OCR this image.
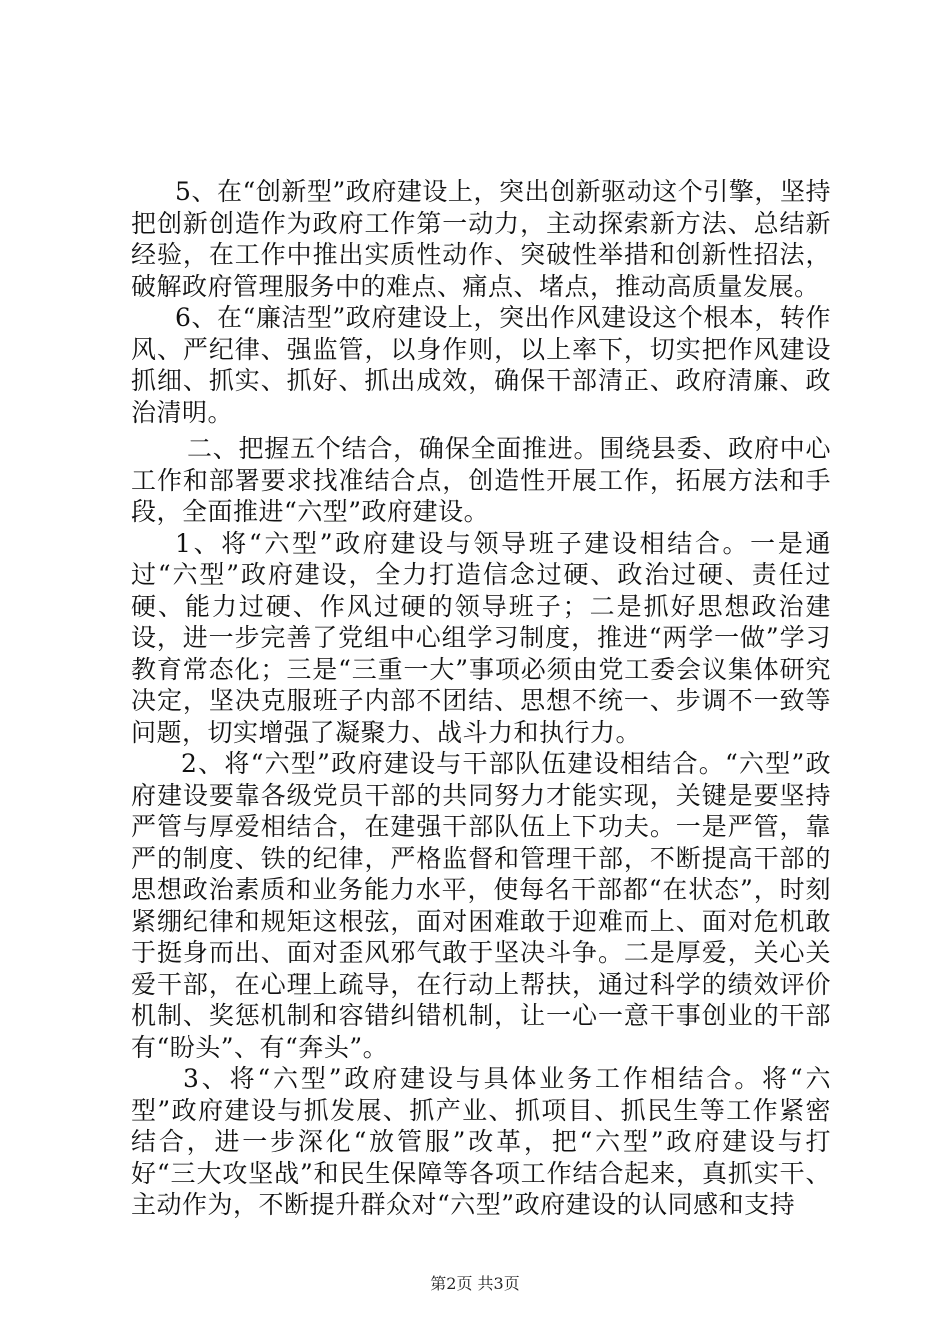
5、在“创新型”政府建设上，突出创新驱动这个引擎，坚持把创新创造作为政府工作第一动力，主动探索新方法、总结新经验，在工作中推出实质性动作、突破性举措和创新性招法，破解政府管理服务中的难点、痛点、堵点，推动高质量发展。

6、在“廉洁型”政府建设上，突出作风建设这个根本，转作风、严纪律、强监管，以身作则，以上率下，切实把作风建设抓细、抓实、抓好、抓出成效，确保干部清正、政府清廉、政治清明。

二、把握五个结合，确保全面推进。围绕县委、政府中心工作和部署要求找准结合点，创造性开展工作，拓展方法和手段，全面推进“六型”政府建设。

1、将“六型”政府建设与领导班子建设相结合。一是通过“六型”政府建设，全力打造信念过硬、政治过硬、责任过硬、能力过硬、作风过硬的领导班子；二是抓好思想政治建设，进一步完善了党组中心组学习制度，推进“两学一做”学习教育常态化；三是“三重一大”事项必须由党工委会议集体研究决定，坚决克服班子内部不团结、思想不统一、步调不一致等问题，切实增强了凝聚力、战斗力和执行力。

2、将“六型”政府建设与干部队伍建设相结合。“六型”政府建设要靠各级党员干部的共同努力才能实现，关键是要坚持严管与厚爱相结合，在建强干部队伍上下功夫。一是严管，靠严的制度、铁的纪律，严格监督和管理干部，不断提高干部的思想政治素质和业务能力水平，使每名干部都“在状态”，时刻紧绷纪律和规矩这根弦，面对困难敢于迎难而上、面对危机敢于挺身而出、面对歪风邪气敢于坚决斗争。二是厚爱，关心关爱干部，在心理上疏导，在行动上帮扶，通过科学的绩效评价机制、奖惩机制和容错纠错机制，让一心一意干事创业的干部有“盼头”、有“奔头”。

3、将“六型”政府建设与具体业务工作相结合。将“六型”政府建设与抓发展、抓产业、抓项目、抓民生等工作紧密结合，进一步深化“放管服”改革，把“六型”政府建设与打好“三大攻坚战”和民生保障等各项工作结合起来，真抓实干、主动作为，不断提升群众对“六型”政府建设的认同感和支持

第2页 共3页
